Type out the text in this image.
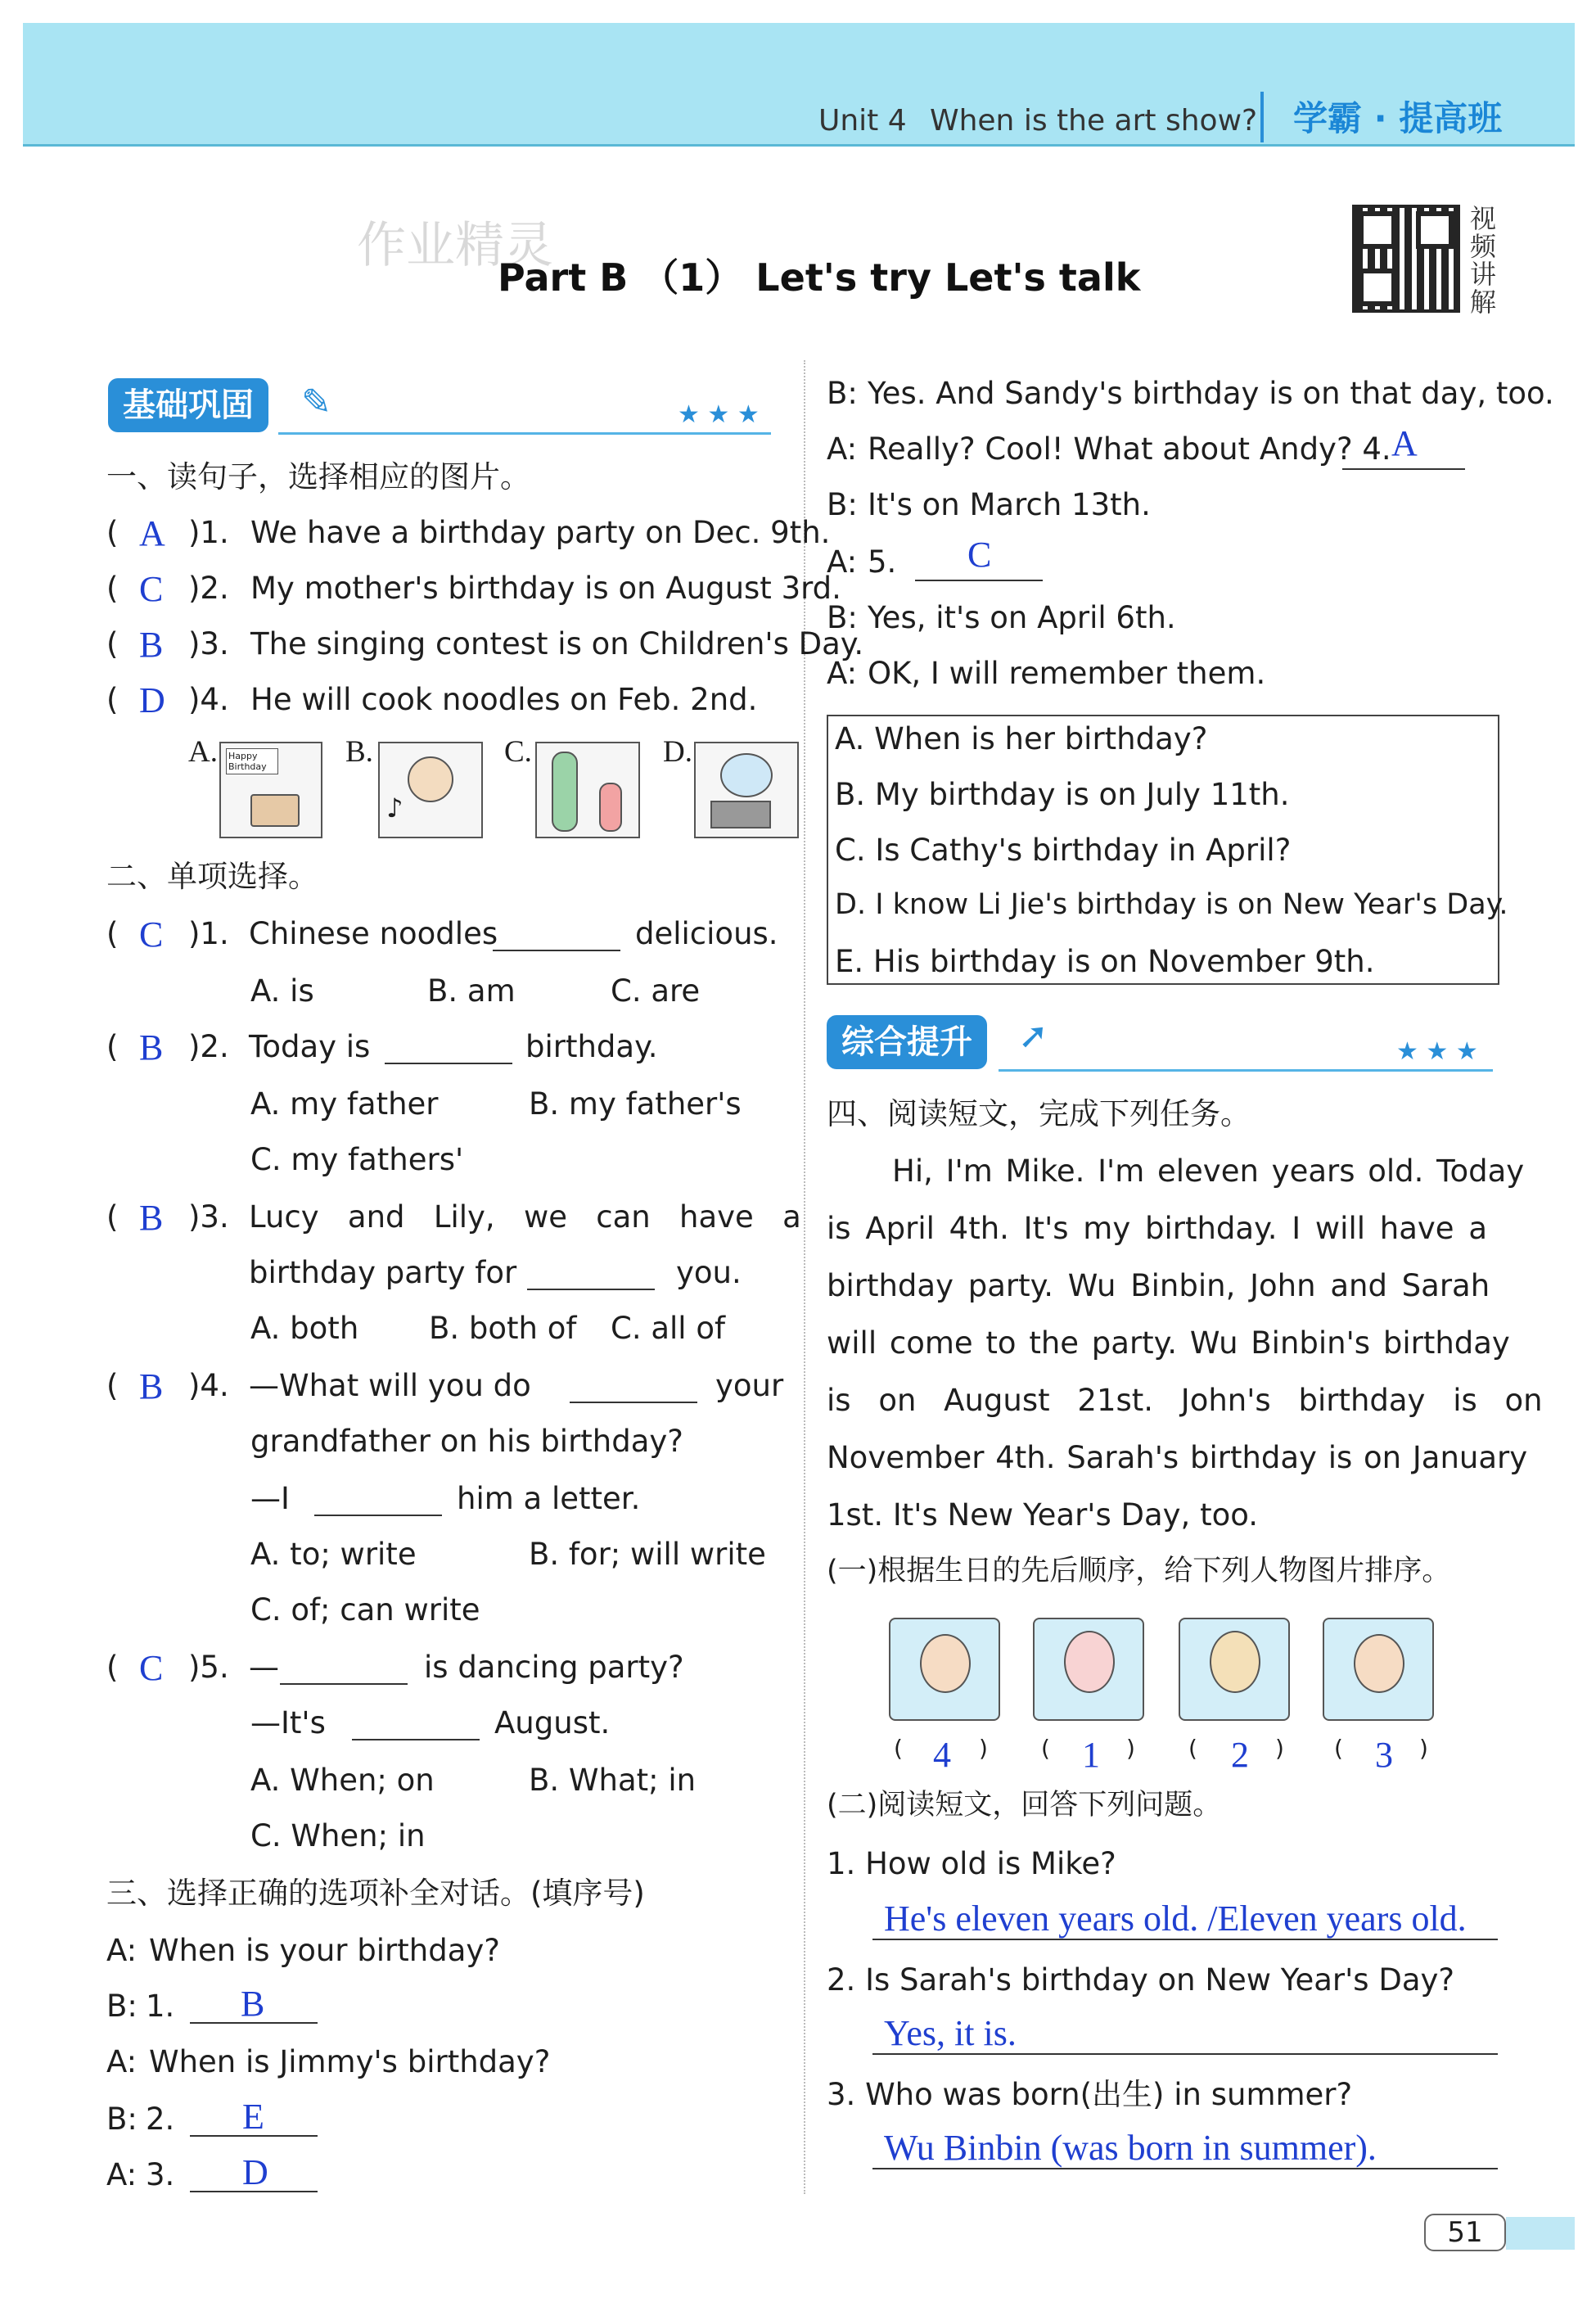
Unit 4 When is the art show? 学霸 · 提高班
作业精灵
Part B （1） Let's try Let's talk
视频讲解
基础巩固	✎	★ ★ ★
一、读句子，选择相应的图片。
( A )1. We have a birthday party on Dec. 9th.
( C )2. My mother's birthday is on August 3rd.
( B )3. The singing contest is on Children's Day.
( D )4. He will cook noodles on Feb. 2nd.
A. Happy Birthday	B.
♪
C.	D.
二、单项选择。
( C )1. Chinese noodles	delicious.
A. is	B. am	C. are
( B )2. Today is	birthday.
A. my father	B. my father's
C. my fathers'
( B )3. Lucy   and   Lily,   we   can   have   a
birthday party for	you.
A. both B. both of C. all of
( B )4. —What will you do	your
grandfather on his birthday?
—I	him a letter.
A. to; write	B. for; will write
C. of; can write
( C )5. —	is dancing party?
—It's	August.
A. When; on	B. What; in
C. When; in
三、选择正确的选项补全对话。(填序号)
A: When is your birthday?
B: 1. B
A: When is Jimmy's birthday?
B: 2. E
A: 3. D
B: Yes. And Sandy's birthday is on that day, too.
A: Really? Cool! What about Andy? 4. A
B: It's on March 13th.
A: 5. C
B: Yes, it's on April 6th.
A: OK, I will remember them.
A. When is her birthday?
B. My birthday is on July 11th.
C. Is Cathy's birthday in April?
D. I know Li Jie's birthday is on New Year's Day.
E. His birthday is on November 9th.
综合提升	➚	★ ★ ★
四、阅读短文，完成下列任务。
Hi, I'm Mike. I'm eleven years old. Today
is April 4th. It's my birthday. I will have a
birthday party. Wu Binbin, John and Sarah
will come to the party. Wu Binbin's birthday
is on August 21st. John's birthday is on
November 4th. Sarah's birthday is on January
1st. It's New Year's Day, too.
(一)根据生日的先后顺序，给下列人物图片排序。
( 4 ) ( 1 ) ( 2 ) ( 3 )
(二)阅读短文，回答下列问题。
1. How old is Mike?
He's eleven years old. /Eleven years old.
2. Is Sarah's birthday on New Year's Day?
Yes, it is.
3. Who was born(出生) in summer?
Wu Binbin (was born in summer).
51
